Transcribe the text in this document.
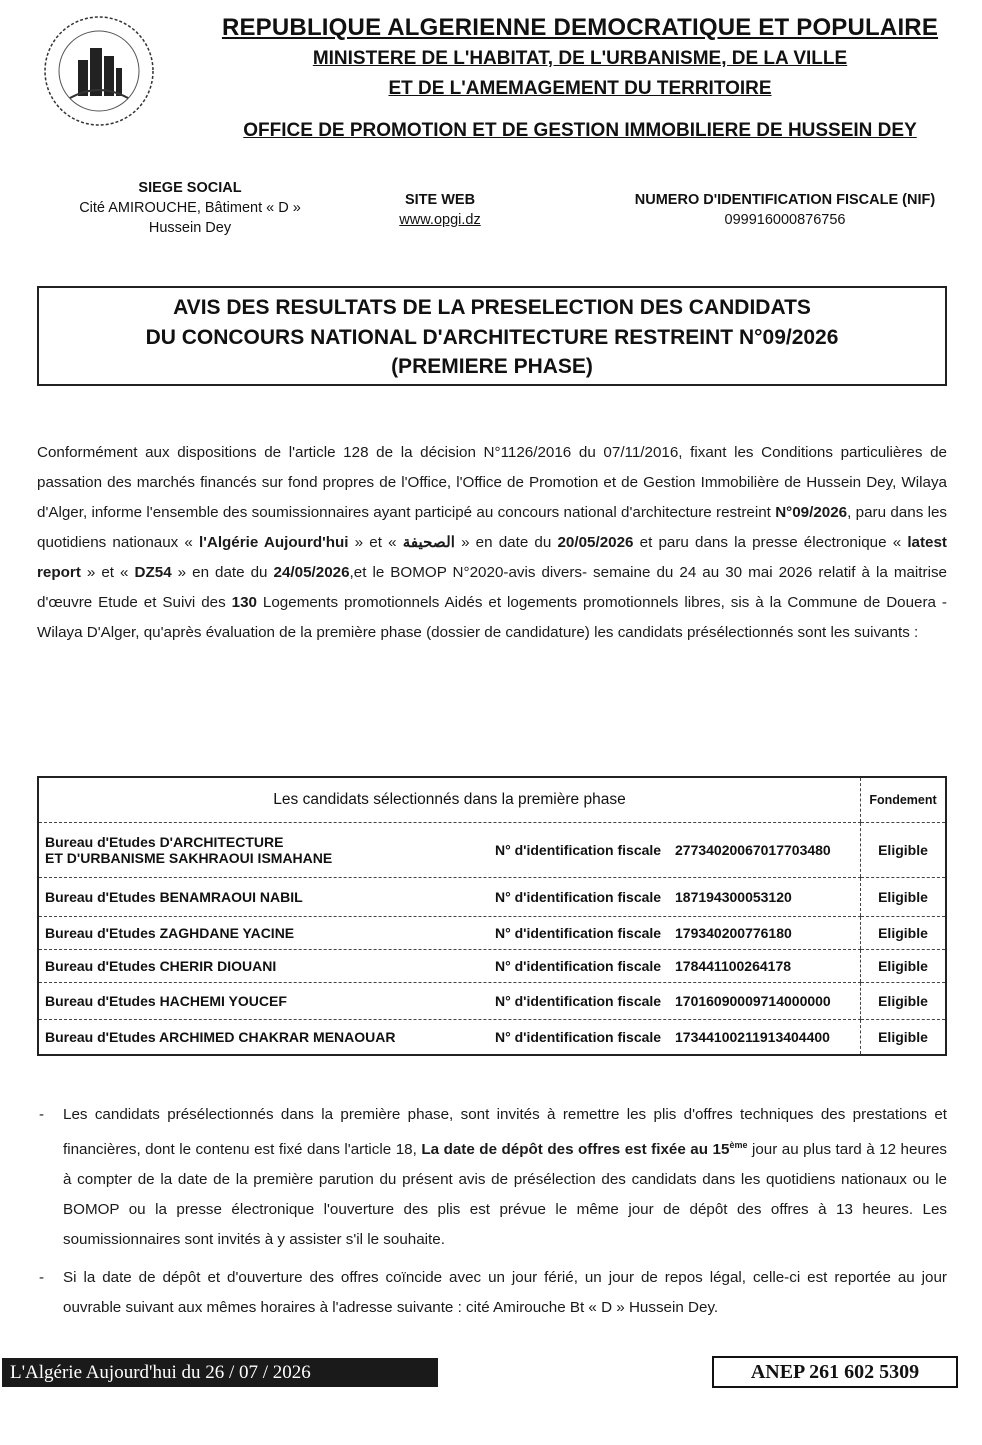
REPUBLIQUE ALGERIENNE DEMOCRATIQUE ET POPULAIRE
MINISTERE DE L'HABITAT, DE L'URBANISME, DE LA VILLE
ET DE L'AMEMAGEMENT DU TERRITOIRE
OFFICE DE PROMOTION ET DE GESTION IMMOBILIERE DE HUSSEIN DEY
SIEGE SOCIAL
Cité AMIROUCHE, Bâtiment « D »
Hussein Dey
SITE WEB
www.opgi.dz
NUMERO D'IDENTIFICATION FISCALE (NIF)
099916000876756
AVIS DES RESULTATS DE LA PRESELECTION DES CANDIDATS
DU CONCOURS NATIONAL D'ARCHITECTURE RESTREINT N°09/2026
(PREMIERE PHASE)
Conformément aux dispositions de l'article 128 de la décision N°1126/2016 du 07/11/2016, fixant les Conditions particulières de passation des marchés financés sur fond propres de l'Office, l'Office de Promotion et de Gestion Immobilière de Hussein Dey, Wilaya d'Alger, informe l'ensemble des soumissionnaires ayant participé au concours national d'architecture restreint N°09/2026, paru dans les quotidiens nationaux « l'Algérie Aujourd'hui » et « الصحيفة » en date du 20/05/2026 et paru dans la presse électronique « latest report » et « DZ54 » en date du 24/05/2026,et le BOMOP N°2020-avis divers- semaine du 24 au 30 mai 2026 relatif à la maitrise d'œuvre Etude et Suivi des 130 Logements promotionnels Aidés et logements promotionnels libres, sis à la Commune de Douera -Wilaya D'Alger, qu'après évaluation de la première phase (dossier de candidature) les candidats présélectionnés sont les suivants :
Les candidats sélectionnés dans la première phase	Fondement

Bureau d'Etudes D'ARCHITECTURE
ET D'URBANISME SAKHRAOUI ISMAHANE N° d'identification fiscale 27734020067017703480	Eligible

Bureau d'Etudes BENAMRAOUI NABIL N° d'identification fiscale 187194300053120	Eligible

Bureau d'Etudes ZAGHDANE YACINE N° d'identification fiscale 179340200776180	Eligible

Bureau d'Etudes CHERIR DIOUANI N° d'identification fiscale 178441100264178	Eligible

Bureau d'Etudes HACHEMI YOUCEF N° d'identification fiscale 17016090009714000000	Eligible

Bureau d'Etudes ARCHIMED CHAKRAR MENAOUAR N° d'identification fiscale 17344100211913404400	Eligible
- Les candidats présélectionnés dans la première phase, sont invités à remettre les plis d'offres techniques des prestations et financières, dont le contenu est fixé dans l'article 18, La date de dépôt des offres est fixée au 15ème jour au plus tard à 12 heures à compter de la date de la première parution du présent avis de présélection des candidats dans les quotidiens nationaux ou le BOMOP ou la presse électronique l'ouverture des plis est prévue le même jour de dépôt des offres à 13 heures. Les soumissionnaires sont invités à y assister s'il le souhaite.
- Si la date de dépôt et d'ouverture des offres coïncide avec un jour férié, un jour de repos légal, celle-ci est reportée au jour ouvrable suivant aux mêmes horaires à l'adresse suivante : cité Amirouche Bt « D » Hussein Dey.
L'Algérie Aujourd'hui du 26 / 07 / 2026	ANEP 261 602 5309
